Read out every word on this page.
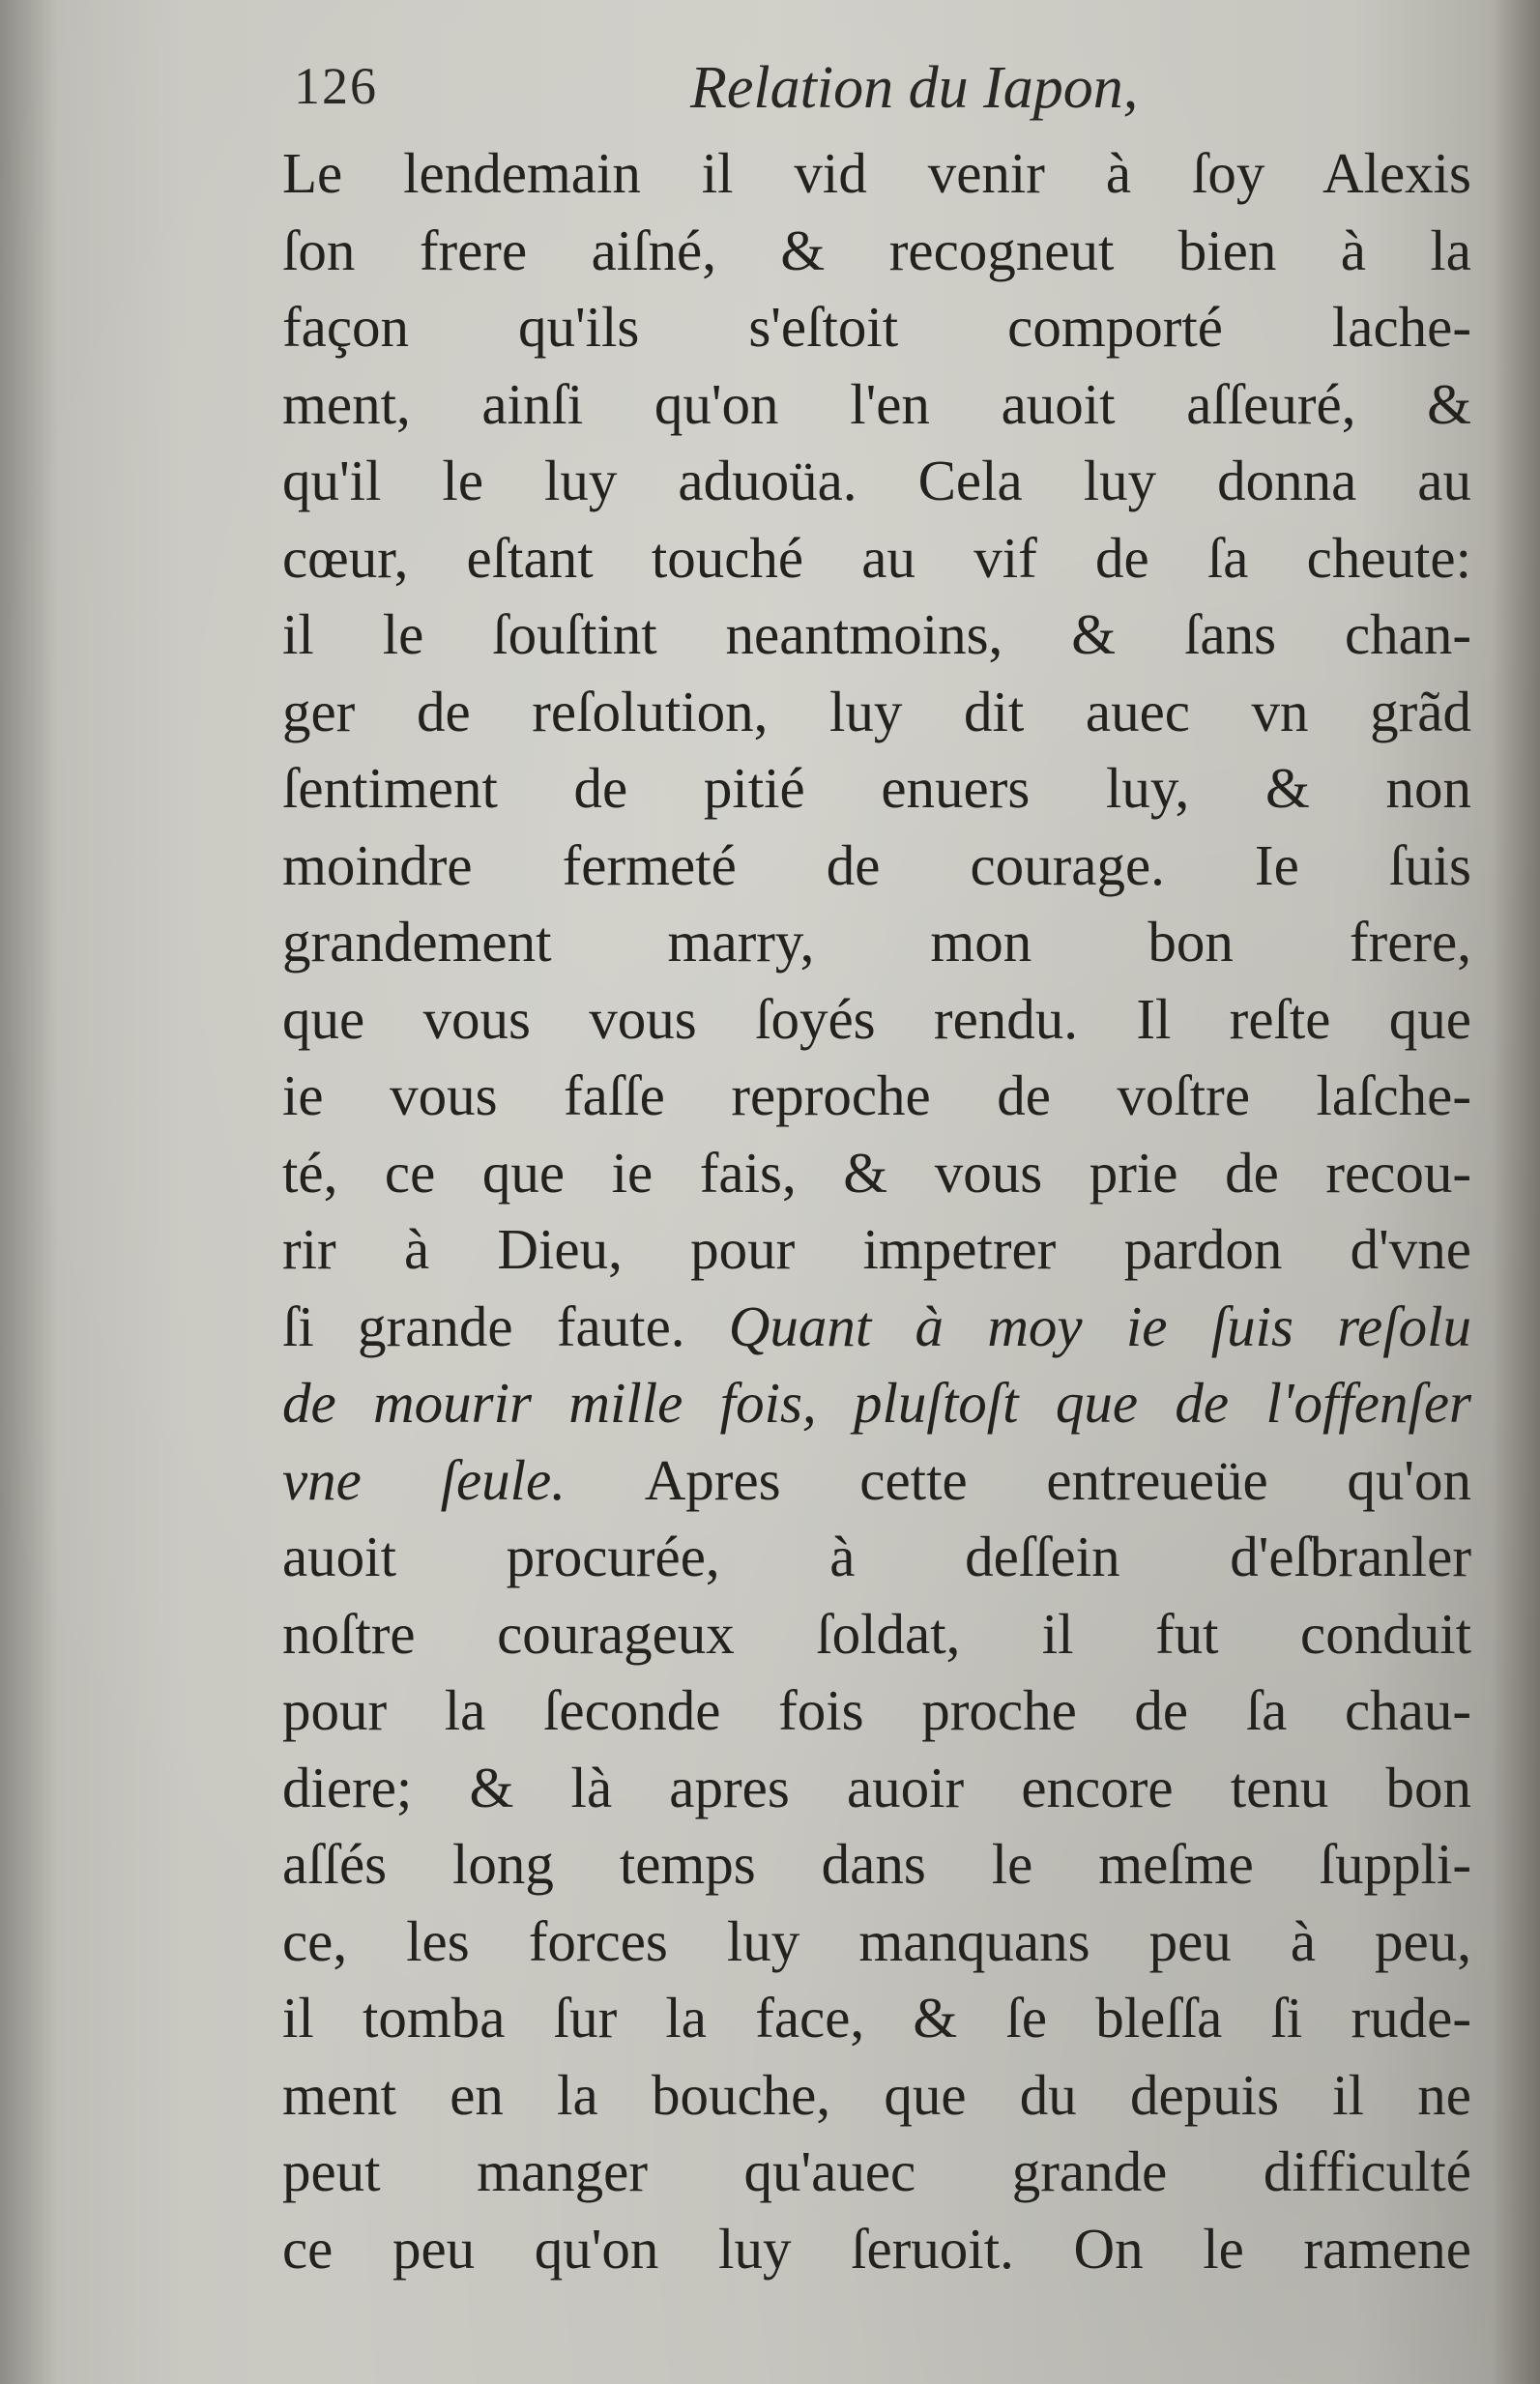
126	Relation du Iapon,
Le lendemain il vid venir à ſoy Alexis
ſon frere aiſné, & recogneut bien à la
façon qu'ils s'eſtoit comporté lache-
ment, ainſi qu'on l'en auoit aſſeuré, &
qu'il le luy aduoüa. Cela luy donna au
cœur, eſtant touché au vif de ſa cheute:
il le ſouſtint neantmoins, & ſans chan-
ger de reſolution, luy dit auec vn grãd
ſentiment de pitié enuers luy, & non
moindre fermeté de courage. Ie ſuis
grandement marry, mon bon frere,
que vous vous ſoyés rendu. Il reſte que
ie vous faſſe reproche de voſtre laſche-
té, ce que ie fais, & vous prie de recou-
rir à Dieu, pour impetrer pardon d'vne
ſi grande faute. Quant à moy ie ſuis reſolu
de mourir mille fois, pluſtoſt que de l'offenſer
vne ſeule. Apres cette entreueüe qu'on
auoit procurée, à deſſein d'eſbranler
noſtre courageux ſoldat, il fut conduit
pour la ſeconde fois proche de ſa chau-
diere; & là apres auoir encore tenu bon
aſſés long temps dans le meſme ſuppli-
ce, les forces luy manquans peu à peu,
il tomba ſur la face, & ſe bleſſa ſi rude-
ment en la bouche, que du depuis il ne
peut manger qu'auec grande difficulté
ce peu qu'on luy ſeruoit. On le ramene
